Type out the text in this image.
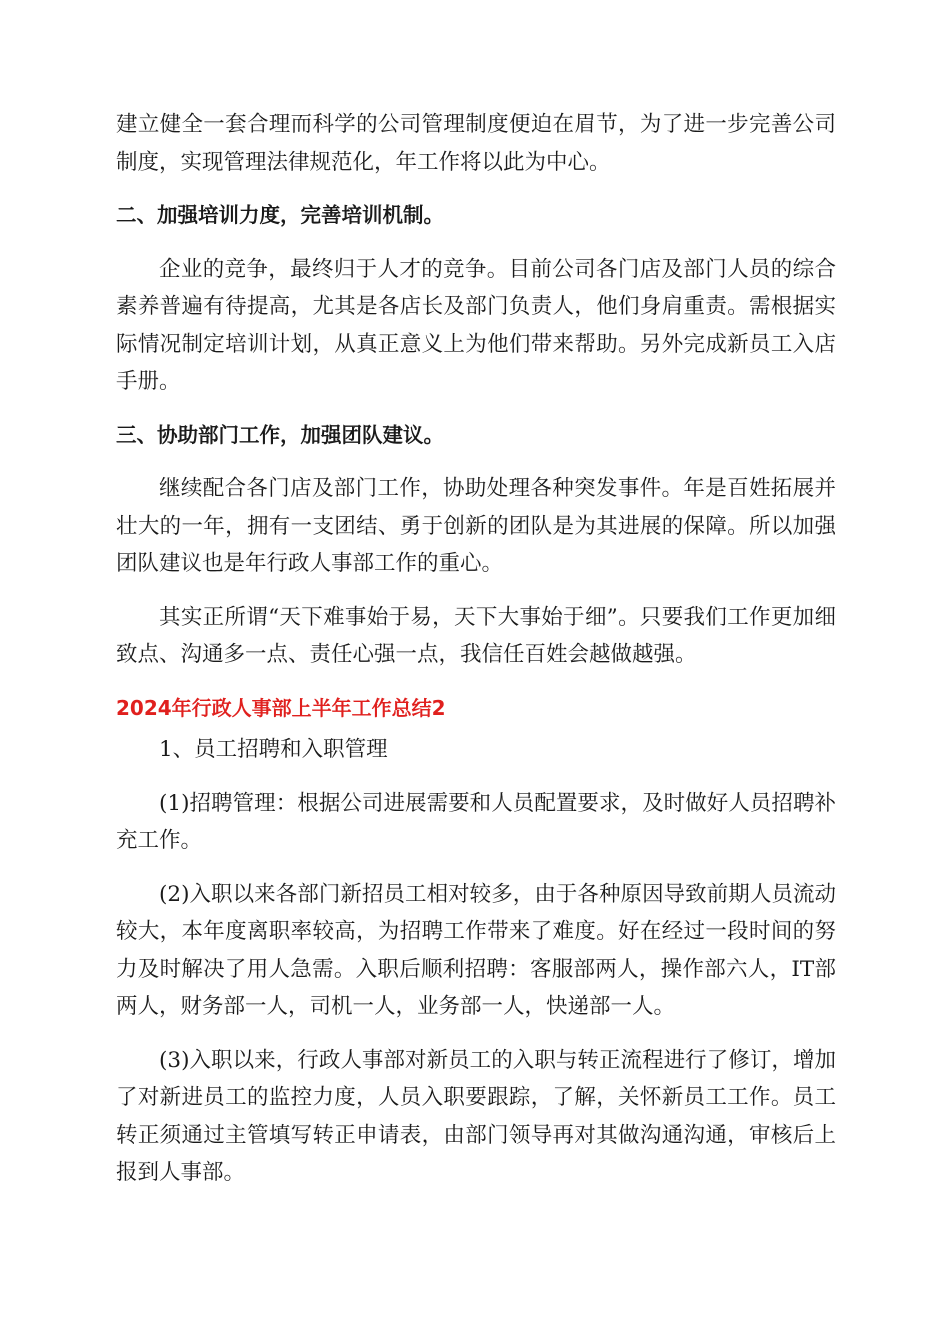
建立健全一套合理而科学的公司管理制度便迫在眉节，为了进一步完善公司制度，实现管理法律规范化，年工作将以此为中心。

二、加强培训力度，完善培训机制。

企业的竞争，最终归于人才的竞争。目前公司各门店及部门人员的综合素养普遍有待提高，尤其是各店长及部门负责人，他们身肩重责。需根据实际情况制定培训计划，从真正意义上为他们带来帮助。另外完成新员工入店手册。

三、协助部门工作，加强团队建议。

继续配合各门店及部门工作，协助处理各种突发事件。年是百姓拓展并壮大的一年，拥有一支团结、勇于创新的团队是为其进展的保障。所以加强团队建议也是年行政人事部工作的重心。

其实正所谓“天下难事始于易，天下大事始于细”。只要我们工作更加细致点、沟通多一点、责任心强一点，我信任百姓会越做越强。

2024年行政人事部上半年工作总结2

1、员工招聘和入职管理

(1)招聘管理：根据公司进展需要和人员配置要求，及时做好人员招聘补充工作。

(2)入职以来各部门新招员工相对较多，由于各种原因导致前期人员流动较大，本年度离职率较高，为招聘工作带来了难度。好在经过一段时间的努力及时解决了用人急需。入职后顺利招聘：客服部两人，操作部六人，IT部两人，财务部一人，司机一人，业务部一人，快递部一人。

(3)入职以来，行政人事部对新员工的入职与转正流程进行了修订，增加了对新进员工的监控力度，人员入职要跟踪，了解，关怀新员工工作。员工转正须通过主管填写转正申请表，由部门领导再对其做沟通沟通，审核后上报到人事部。
